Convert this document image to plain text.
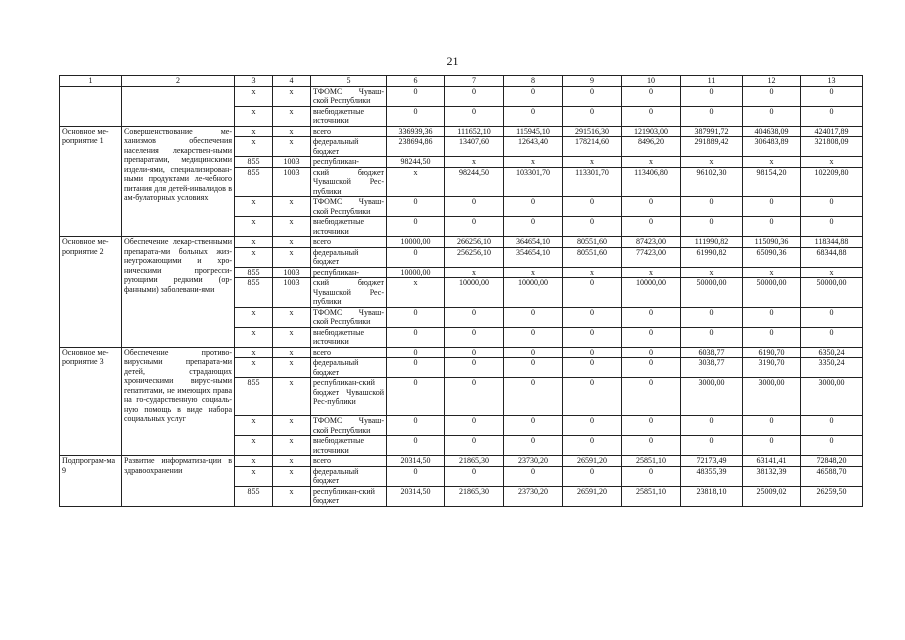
21
1	2	3	4	5	6	7	8	9	10	11	12	13
		x	x	ТФОМС Чуваш-ской Республики	0	0	0	0	0	0	0	0
		x	x	внебюджетные источники	0	0	0	0	0	0	0	0
Основное ме-роприятие 1	Совершенствование ме-ханизмов обеспечения населения лекарствен-ными препаратами, медицинскими издели-ями, специализирован-ными продуктами ле-чебного питания для детей-инвалидов в ам-булаторных условиях	x	x	всего	336939,36	111652,10	115945,10	291516,30	121903,00	387991,72	404638,09	424017,89
		x	x	федеральный бюджет	238694,86	13407,60	12643,40	178214,60	8496,20	291889,42	306483,89	321808,09
		855	1003	республикан-	98244,50	x	x	x	x	x	x	x
		855	1003	ский бюджет Чувашской Рес-публики	x	98244,50	103301,70	113301,70	113406,80	96102,30	98154,20	102209,80
		x	x	ТФОМС Чуваш-ской Республики	0	0	0	0	0	0	0	0
		x	x	внебюджетные источники	0	0	0	0	0	0	0	0
Основное ме-роприятие 2	Обеспечение лекар-ственными препарата-ми больных жиз-неугрожающими и хро-ническими прогресси-рующими редкими (ор-фанными) заболевани-ями	x	x	всего	10000,00	266256,10	364654,10	80551,60	87423,00	111990,82	115090,36	118344,88
		x	x	федеральный бюджет	0	256256,10	354654,10	80551,60	77423,00	61990,82	65090,36	68344,88
		855	1003	республикан-	10000,00	x	x	x	x	x	x	x
		855	1003	ский бюджет Чувашской Рес-публики	x	10000,00	10000,00	0	10000,00	50000,00	50000,00	50000,00
		x	x	ТФОМС Чуваш-ской Республики	0	0	0	0	0	0	0	0
		x	x	внебюджетные источники	0	0	0	0	0	0	0	0
Основное ме-роприятие 3	Обеспечение противо-вирусными препарата-ми детей, страдающих хроническими вирус-ными гепатитами, не имеющих права на го-сударственную социаль-ную помощь в виде набора социальных услуг	x	x	всего	0	0	0	0	0	6038,77	6190,70	6350,24
		x	x	федеральный бюджет	0	0	0	0	0	3038,77	3190,70	3350,24
		855	x	республикан-ский бюджет Чувашской Рес-публики	0	0	0	0	0	3000,00	3000,00	3000,00
		x	x	ТФОМС Чуваш-ской Республики	0	0	0	0	0	0	0	0
		x	x	внебюджетные источники	0	0	0	0	0	0	0	0
Подпрограм-ма 9	Развитие информатиза-ции в здравоохранении	x	x	всего	20314,50	21865,30	23730,20	26591,20	25851,10	72173,49	63141,41	72848,20
		x	x	федеральный бюджет	0	0	0	0	0	48355,39	38132,39	46588,70
		855	x	республикан-ский бюджет	20314,50	21865,30	23730,20	26591,20	25851,10	23818,10	25009,02	26259,50
